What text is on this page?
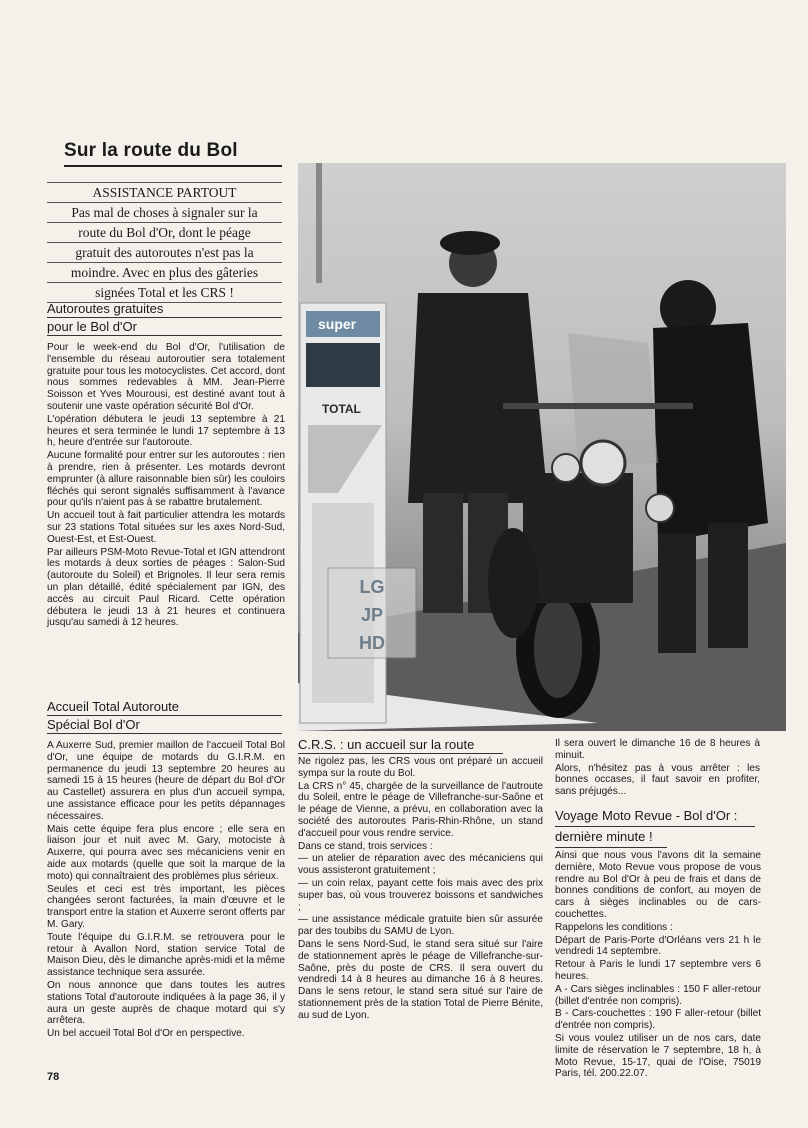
Sur la route du Bol
ASSISTANCE PARTOUT
Pas mal de choses à signaler sur la
route du Bol d'Or, dont le péage
gratuit des autoroutes n'est pas la
moindre. Avec en plus des gâteries
signées Total et les CRS !
Autoroutes gratuites
pour le Bol d'Or

Pour le week-end du Bol d'Or, l'utilisation de l'ensemble du réseau autoroutier sera totalement gratuite pour tous les motocyclistes. Cet accord, dont nous sommes redevables à MM. Jean-Pierre Soisson et Yves Mourousi, est destiné avant tout à soutenir une vaste opération sécurité Bol d'Or.

L'opération débutera le jeudi 13 septembre à 21 heures et sera terminée le lundi 17 septembre à 13 h, heure d'entrée sur l'autoroute.

Aucune formalité pour entrer sur les autoroutes : rien à prendre, rien à présenter. Les motards devront emprunter (à allure raisonnable bien sûr) les couloirs fléchés qui seront signalés suffisamment à l'avance pour qu'ils n'aient pas à se rabattre brutalement.

Un accueil tout à fait particulier attendra les motards sur 23 stations Total situées sur les axes Nord-Sud, Ouest-Est, et Est-Ouest.

Par ailleurs PSM-Moto Revue-Total et IGN attendront les motards à deux sorties de péages : Salon-Sud (autoroute du Soleil) et Brignoles. Il leur sera remis un plan détaillé, édité spécialement par IGN, des accès au circuit Paul Ricard. Cette opération débutera le jeudi 13 à 21 heures et continuera jusqu'au samedi à 12 heures.

Accueil Total Autoroute
Spécial Bol d'Or

A Auxerre Sud, premier maillon de l'accueil Total Bol d'Or, une équipe de motards du G.I.R.M. en permanence du jeudi 13 septembre 20 heures au samedi 15 à 15 heures (heure de départ du Bol d'Or au Castellet) assurera en plus d'un accueil sympa, une assistance efficace pour les petits dépannages nécessaires.

Mais cette équipe fera plus encore ; elle sera en liaison jour et nuit avec M. Gary, motociste à Auxerre, qui pourra avec ses mécaniciens venir en aide aux motards (quelle que soit la marque de la moto) qui connaîtraient des problèmes plus sérieux.

Seules et ceci est très important, les pièces changées seront facturées, la main d'œuvre et le transport entre la station et Auxerre seront offerts par M. Gary.

Toute l'équipe du G.I.R.M. se retrouvera pour le retour à Avallon Nord, station service Total de Maison Dieu, dès le dimanche après-midi et la même assistance technique sera assurée.

On nous annonce que dans toutes les autres stations Total d'autoroute indiquées à la page 36, il y aura un geste auprès de chaque motard qui s'y arrêtera.

Un bel accueil Total Bol d'Or en perspective.

super
TOTAL
LG
JP
HD
C.R.S. : un accueil sur la route

Ne rigolez pas, les CRS vous ont préparé un accueil sympa sur la route du Bol.

La CRS n° 45, chargée de la surveillance de l'autroute du Soleil, entre le péage de Villefranche-sur-Saône et le péage de Vienne, a prévu, en collaboration avec la société des autoroutes Paris-Rhin-Rhône, un stand d'accueil pour vous rendre service.

Dans ce stand, trois services :

— un atelier de réparation avec des mécaniciens qui vous assisteront gratuitement ;

— un coin relax, payant cette fois mais avec des prix super bas, où vous trouverez boissons et sandwiches ;

— une assistance médicale gratuite bien sûr assurée par des toubibs du SAMU de Lyon.

Dans le sens Nord-Sud, le stand sera situé sur l'aire de stationnement après le péage de Villefranche-sur-Saône, près du poste de CRS. Il sera ouvert du vendredi 14 à 8 heures au dimanche 16 à 8 heures. Dans le sens retour, le stand sera situé sur l'aire de stationnement près de la station Total de Pierre Bénite, au sud de Lyon.

Il sera ouvert le dimanche 16 de 8 heures à minuit.

Alors, n'hésitez pas à vous arrêter : les bonnes occases, il faut savoir en profiter, sans préjugés...

Voyage Moto Revue - Bol d'Or :
dernière minute !

Ainsi que nous vous l'avons dit la semaine dernière, Moto Revue vous propose de vous rendre au Bol d'Or à peu de frais et dans de bonnes conditions de confort, au moyen de cars à sièges inclinables ou de cars-couchettes.

Rappelons les conditions :

Départ de Paris-Porte d'Orléans vers 21 h le vendredi 14 septembre.

Retour à Paris le lundi 17 septembre vers 6 heures.

A - Cars sièges inclinables : 150 F aller-retour (billet d'entrée non compris).

B - Cars-couchettes : 190 F aller-retour (billet d'entrée non compris).

Si vous voulez utiliser un de nos cars, date limite de réservation le 7 septembre, 18 h, à Moto Revue, 15-17, quai de l'Oise, 75019 Paris, tél. 200.22.07.

78
